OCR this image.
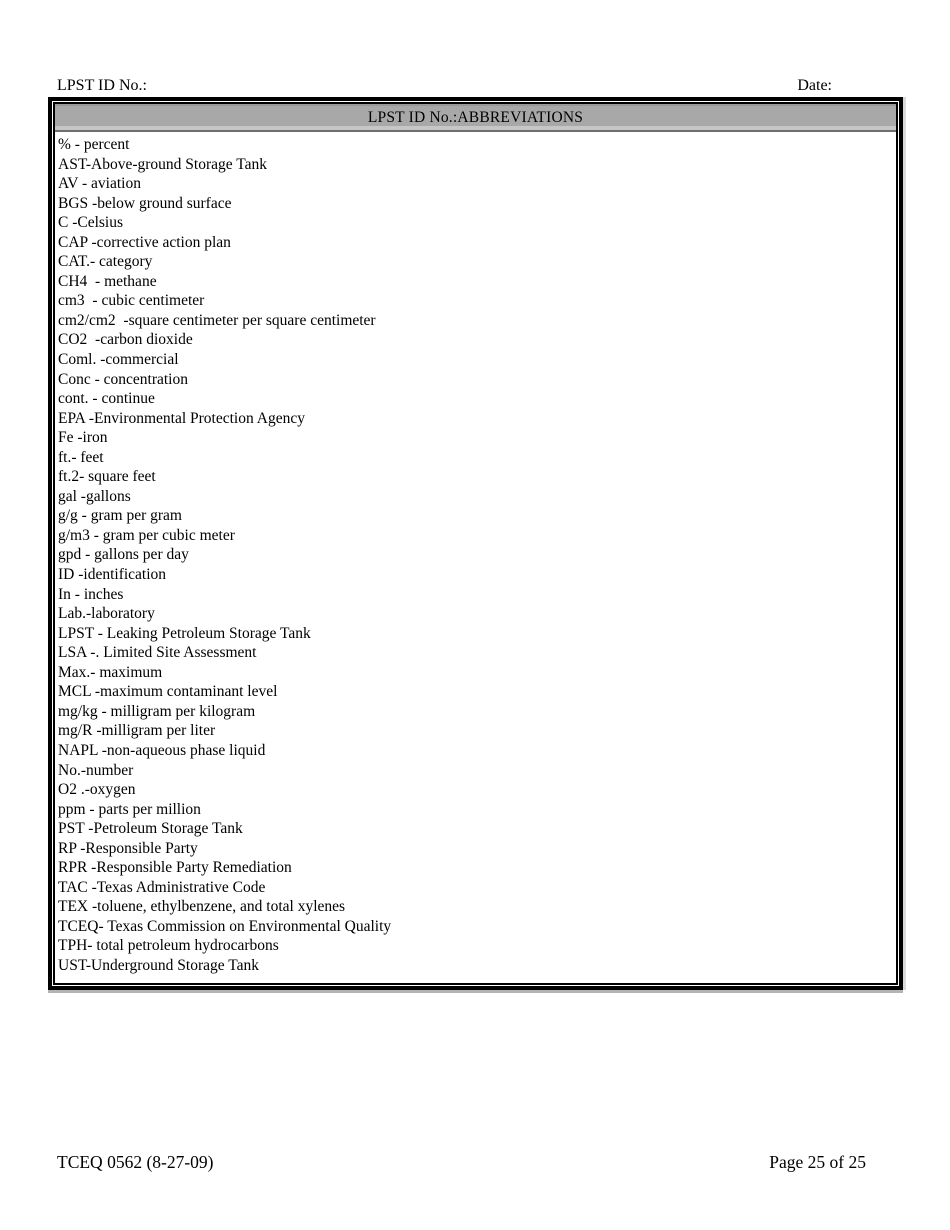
LPST ID No.:	Date:
LPST ID No.:ABBREVIATIONS
% - percent
AST-Above-ground Storage Tank
AV - aviation
BGS -below ground surface
C -Celsius
CAP -corrective action plan
CAT.- category
CH4  - methane
cm3  - cubic centimeter
cm2/cm2  -square centimeter per square centimeter
CO2  -carbon dioxide
Coml. -commercial
Conc - concentration
cont. - continue
EPA -Environmental Protection Agency
Fe -iron
ft.- feet
ft.2- square feet
gal -gallons
g/g - gram per gram
g/m3 - gram per cubic meter
gpd - gallons per day
ID -identification
In - inches
Lab.-laboratory
LPST - Leaking Petroleum Storage Tank
LSA -. Limited Site Assessment
Max.- maximum
MCL -maximum contaminant level
mg/kg - milligram per kilogram
mg/R -milligram per liter
NAPL -non-aqueous phase liquid
No.-number
O2 .-oxygen
ppm - parts per million
PST -Petroleum Storage Tank
RP -Responsible Party
RPR -Responsible Party Remediation
TAC -Texas Administrative Code
TEX -toluene, ethylbenzene, and total xylenes
TCEQ- Texas Commission on Environmental Quality
TPH- total petroleum hydrocarbons
UST-Underground Storage Tank
TCEQ 0562 (8-27-09)	Page 25 of 25
